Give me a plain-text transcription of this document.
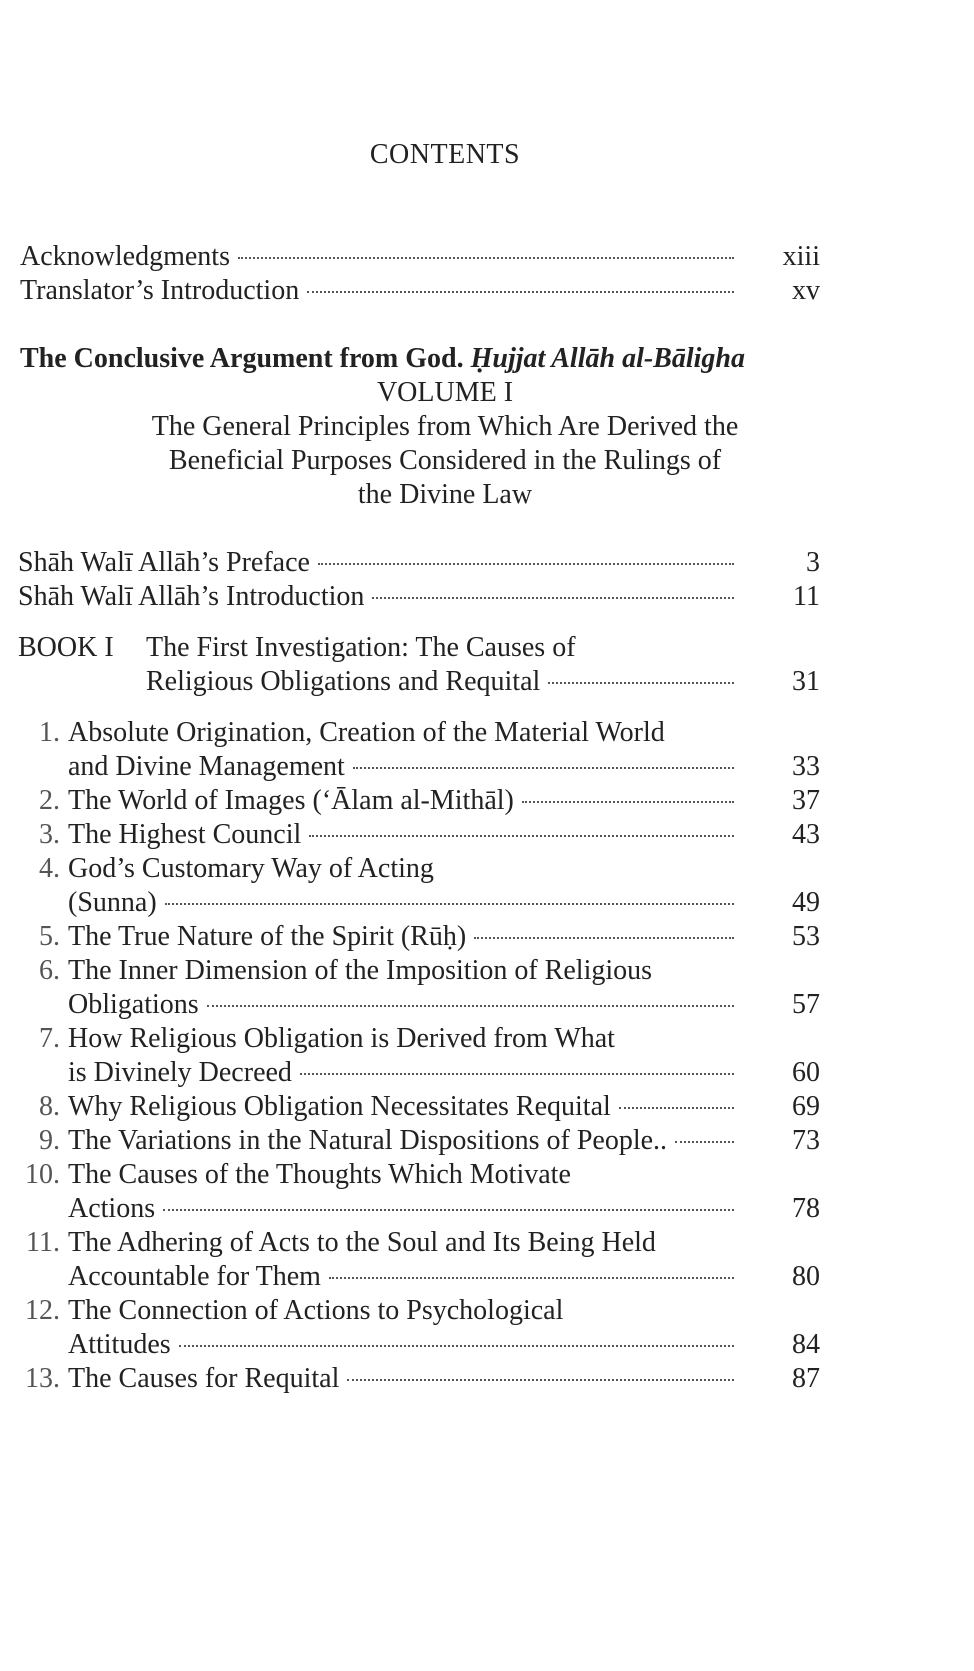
CONTENTS
Acknowledgments	xiii
Translator’s Introduction	xv
The Conclusive Argument from God. Ḥujjat Allāh al-Bāligha
VOLUME I
The General Principles from Which Are Derived the
Beneficial Purposes Considered in the Rulings of
the Divine Law
Shāh Walī Allāh’s Preface	3
Shāh Walī Allāh’s Introduction	11
BOOK I The First Investigation: The Causes of
Religious Obligations and Requital	31
1. Absolute Origination, Creation of the Material World
and Divine Management	33
2. The World of Images (‘Ālam al-Mithāl)	37
3. The Highest Council	43
4. God’s Customary Way of Acting
(Sunna)	49
5. The True Nature of the Spirit (Rūḥ)	53
6. The Inner Dimension of the Imposition of Religious
Obligations	57
7. How Religious Obligation is Derived from What
is Divinely Decreed	60
8. Why Religious Obligation Necessitates Requital	69
9. The Variations in the Natural Dispositions of People..	73
10. The Causes of the Thoughts Which Motivate
Actions	78
11. The Adhering of Acts to the Soul and Its Being Held
Accountable for Them	80
12. The Connection of Actions to Psychological
Attitudes	84
13. The Causes for Requital	87
